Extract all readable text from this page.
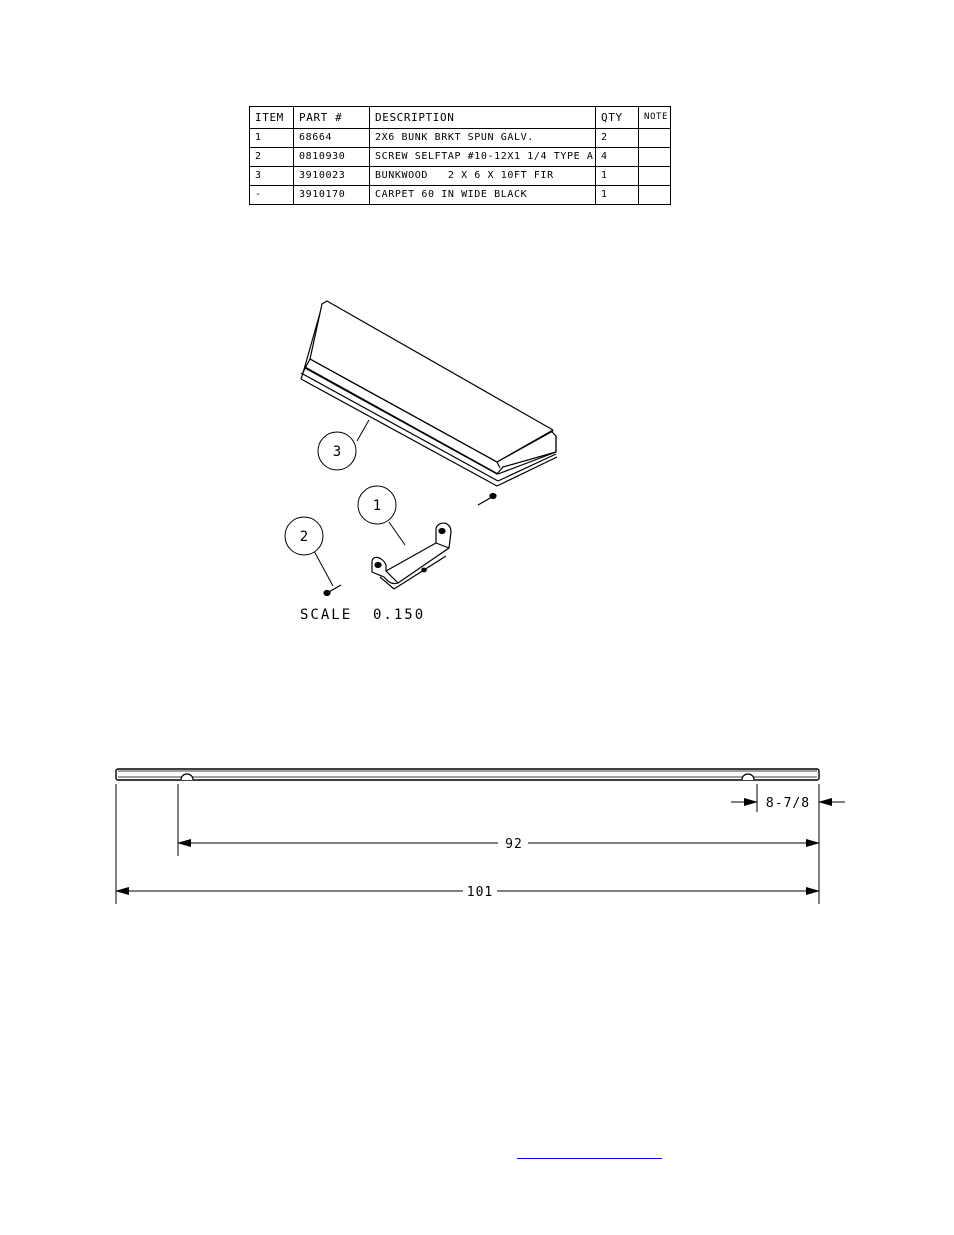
ITEM	PART #	DESCRIPTION	QTY	NOTE
1	68664	2X6 BUNK BRKT SPUN GALV.	2	
2	0810930	SCREW SELFTAP #10-12X1 1/4 TYPE A	4	
3	3910023	BUNKWOOD   2 X 6 X 10FT FIR	1	
-	3910170	CARPET 60 IN WIDE BLACK	1	
3
1
2
SCALE  0.150
8-7/8
92
101
